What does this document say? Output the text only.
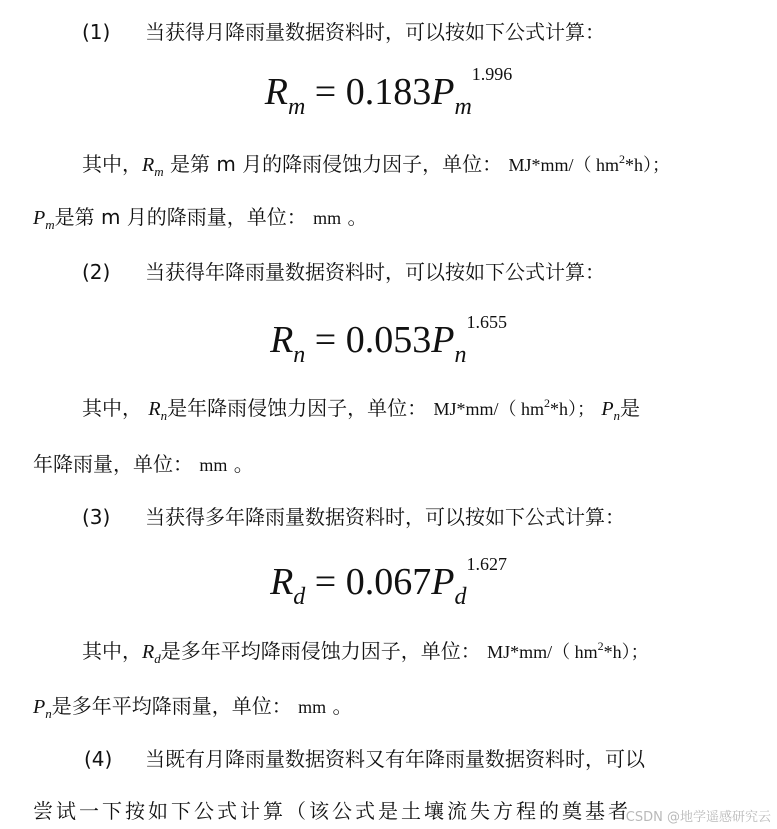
(1) 当获得月降雨量数据资料时，可以按如下公式计算：
$R_m = 0.183P_m^{1.996}$
其中，$R_m$ 是第 m 月的降雨侵蚀力因子，单位： MJ*mm/（ $hm^2*h$）；
$P_m$是第 m 月的降雨量，单位： mm 。
(2) 当获得年降雨量数据资料时，可以按如下公式计算：
$R_n = 0.053P_n^{1.655}$
其中， $R_n$是年降雨侵蚀力因子，单位： MJ*mm/（ $hm^2*h$）； $P_n$是
年降雨量，单位： mm 。
(3) 当获得多年降雨量数据资料时，可以按如下公式计算：
$R_d = 0.067P_d^{1.627}$
其中，$R_d$是多年平均降雨侵蚀力因子，单位： MJ*mm/（ $hm^2*h$）；
$P_n$是多年平均降雨量，单位： mm 。
(4) 当既有月降雨量数据资料又有年降雨量数据资料时，可以
尝试一下按如下公式计算（该公式是土壤流失方程的奠基者
CSDN @地学遥感研究云
